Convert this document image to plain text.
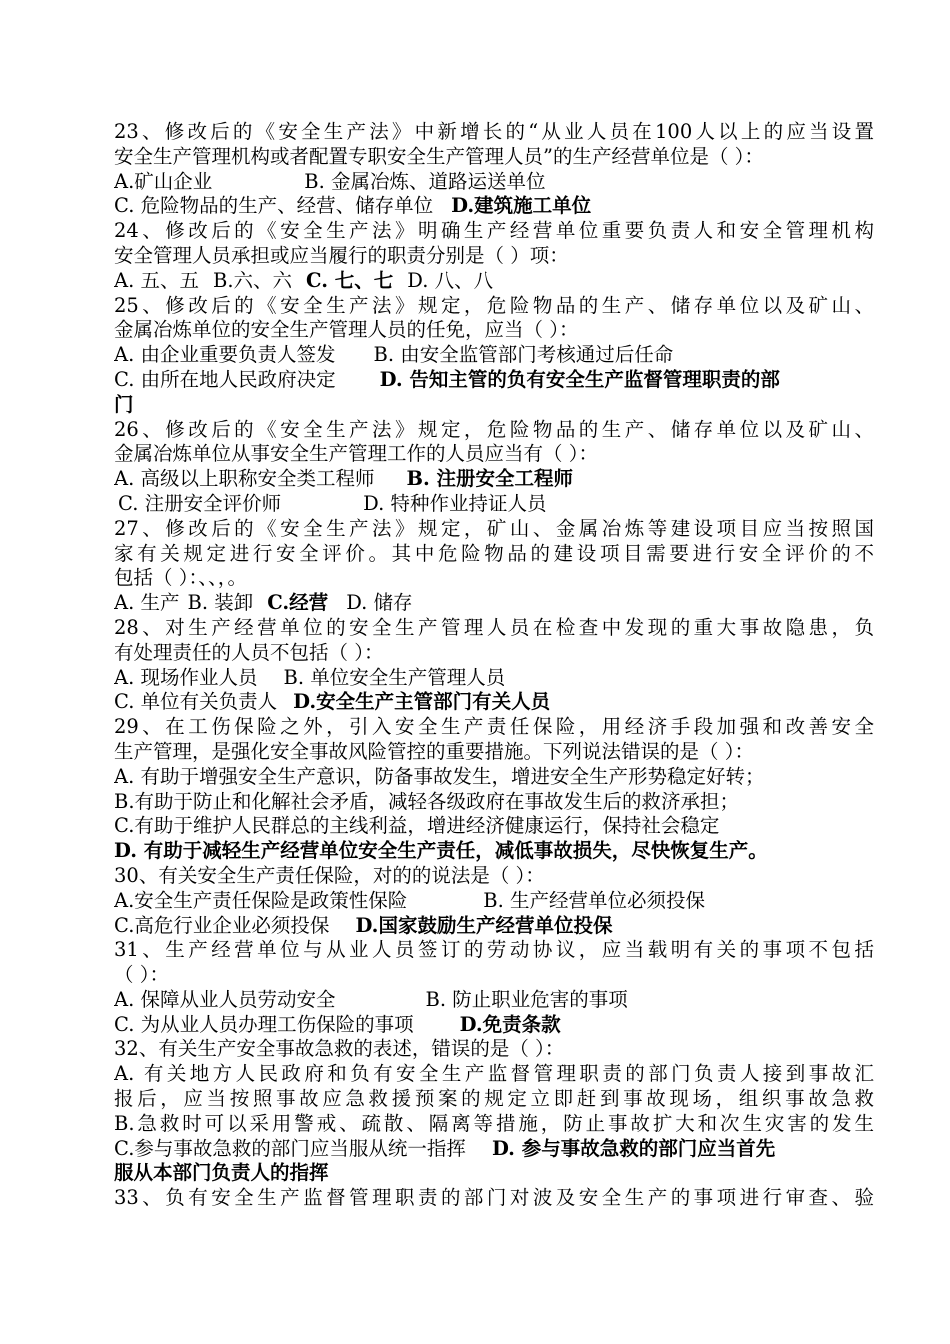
23、修改后的《安全生产法》中新增长的“从业人员在100人以上的应当设置
安全生产管理机构或者配置专职安全生产管理人员”的生产经营单位是（ ）：
A.矿山企业	B. 金属冶炼、道路运送单位
C. 危险物品的生产、经营、储存单位 D.建筑施工单位
24、修改后的《安全生产法》明确生产经营单位重要负责人和安全管理机构
安全管理人员承担或应当履行的职责分别是（ ）项：
A. 五、五 B.六、六 C. 七、七 D. 八、八
25、修改后的《安全生产法》规定，危险物品的生产、储存单位以及矿山、
金属冶炼单位的安全生产管理人员的任免，应当（ ）：
A. 由企业重要负责人签发 B. 由安全监管部门考核通过后任命
C. 由所在地人民政府决定 D. 告知主管的负有安全生产监督管理职责的部
门
26、修改后的《安全生产法》规定，危险物品的生产、储存单位以及矿山、
金属冶炼单位从事安全生产管理工作的人员应当有（ ）：
A. 高级以上职称安全类工程师 B. 注册安全工程师
C. 注册安全评价师	D. 特种作业持证人员
27、修改后的《安全生产法》规定，矿山、金属冶炼等建设项目应当按照国
家有关规定进行安全评价。其中危险物品的建设项目需要进行安全评价的不
包括（ ）：、、，。
A. 生产 B. 装卸 C.经营 D. 储存
28、对生产经营单位的安全生产管理人员在检查中发现的重大事故隐患，负
有处理责任的人员不包括（ ）：
A. 现场作业人员 B. 单位安全生产管理人员
C. 单位有关负责人 D.安全生产主管部门有关人员
29、在工伤保险之外，引入安全生产责任保险，用经济手段加强和改善安全
生产管理，是强化安全事故风险管控的重要措施。下列说法错误的是（ ）：
A. 有助于增强安全生产意识，防备事故发生，增进安全生产形势稳定好转；
B.有助于防止和化解社会矛盾，减轻各级政府在事故发生后的救济承担；
C.有助于维护人民群总的主线利益，增进经济健康运行，保持社会稳定
D. 有助于减轻生产经营单位安全生产责任，减低事故损失，尽快恢复生产。
30、有关安全生产责任保险，对的的说法是（ ）：
A.安全生产责任保险是政策性保险	B. 生产经营单位必须投保
C.高危行业企业必须投保 D.国家鼓励生产经营单位投保
31、生产经营单位与从业人员签订的劳动协议，应当载明有关的事项不包括
（ ）：
A. 保障从业人员劳动安全	B. 防止职业危害的事项
C. 为从业人员办理工伤保险的事项 D.免责条款
32、有关生产安全事故急救的表述，错误的是（ ）：
A. 有关地方人民政府和负有安全生产监督管理职责的部门负责人接到事故汇
报后，应当按照事故应急救援预案的规定立即赶到事故现场，组织事故急救
B.急救时可以采用警戒、疏散、隔离等措施，防止事故扩大和次生灾害的发生
C.参与事故急救的部门应当服从统一指挥 D. 参与事故急救的部门应当首先
服从本部门负责人的指挥
33、负有安全生产监督管理职责的部门对波及安全生产的事项进行审查、验
